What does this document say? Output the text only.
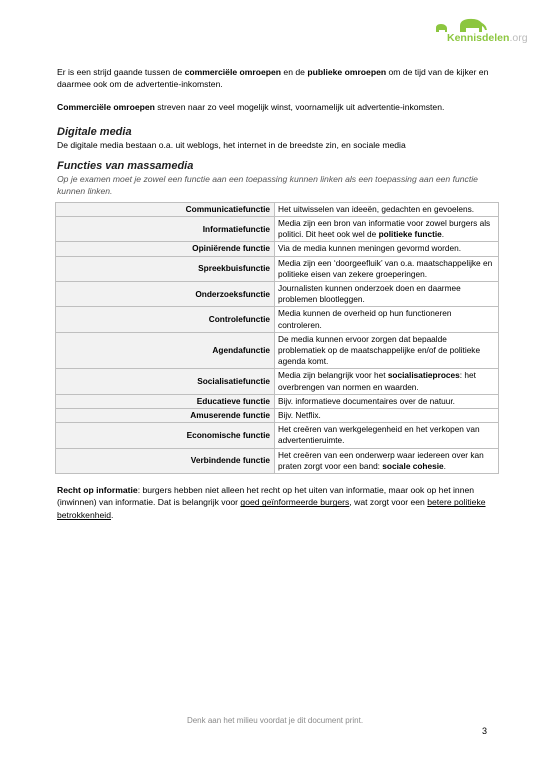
Kennisdelen.org

Er is een strijd gaande tussen de commerciële omroepen en de publieke omroepen om de tijd van de kijker en daarmee ook om de advertentie-inkomsten.

Commerciële omroepen streven naar zo veel mogelijk winst, voornamelijk uit advertentie-inkomsten.

Digitale media

De digitale media bestaan o.a. uit weblogs, het internet in de breedste zin, en sociale media

Functies van massamedia

Op je examen moet je zowel een functie aan een toepassing kunnen linken als een toepassing aan een functie kunnen linken.

Communicatiefunctie	Het uitwisselen van ideeën, gedachten en gevoelens.
Informatiefunctie	Media zijn een bron van informatie voor zowel burgers als politici. Dit heet ook wel de politieke functie.
Opiniërende functie	Via de media kunnen meningen gevormd worden.
Spreekbuisfunctie	Media zijn een ‘doorgeefluik’ van o.a. maatschappelijke en politieke eisen van zekere groeperingen.
Onderzoeksfunctie	Journalisten kunnen onderzoek doen en daarmee problemen blootleggen.
Controlefunctie	Media kunnen de overheid op hun functioneren controleren.
Agendafunctie	De media kunnen ervoor zorgen dat bepaalde problematiek op de maatschappelijke en/of de politieke agenda komt.
Socialisatiefunctie	Media zijn belangrijk voor het socialisatieproces: het overbrengen van normen en waarden.
Educatieve functie	Bijv. informatieve documentaires over de natuur.
Amuserende functie	Bijv. Netflix.
Economische functie	Het creëren van werkgelegenheid en het verkopen van advertentieruimte.
Verbindende functie	Het creëren van een onderwerp waar iedereen over kan praten zorgt voor een band: sociale cohesie.

Recht op informatie: burgers hebben niet alleen het recht op het uiten van informatie, maar ook op het innen (inwinnen) van informatie. Dat is belangrijk voor goed geïnformeerde burgers, wat zorgt voor een betere politieke betrokkenheid.

Denk aan het milieu voordat je dit document print.
3
